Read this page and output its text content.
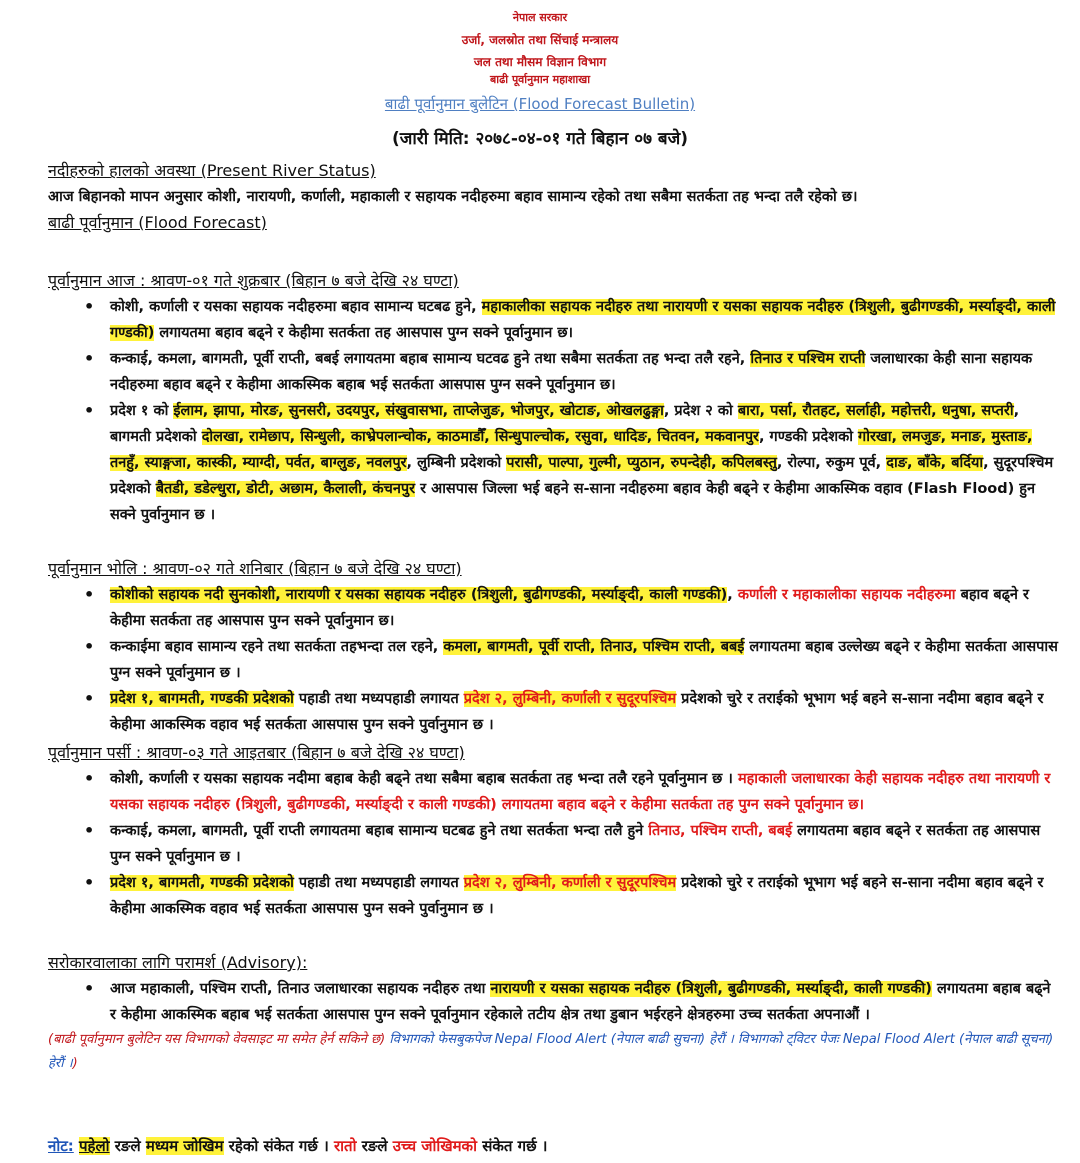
नेपाल सरकार
उर्जा, जलस्रोत तथा सिंचाई मन्त्रालय
जल तथा मौसम विज्ञान विभाग
बाढी पूर्वानुमान महाशाखा
बाढी पूर्वानुमान बुलेटिन (Flood Forecast Bulletin)
(जारी मिति: २०७८-०४-०१ गते बिहान ०७ बजे)
नदीहरुको हालको अवस्था (Present River Status)
आज बिहानको मापन अनुसार कोशी, नारायणी, कर्णाली, महाकाली र सहायक नदीहरुमा बहाव सामान्य रहेको तथा सबैमा सतर्कता तह भन्दा तलै रहेको छ।
बाढी पूर्वानुमान (Flood Forecast)
पूर्वानुमान आज : श्रावण-०१ गते शुक्रबार (बिहान ७ बजे देखि २४ घण्टा)
• कोशी, कर्णाली र यसका सहायक नदीहरुमा बहाव सामान्य घटबढ हुने, महाकालीका सहायक नदीहरु तथा नारायणी र यसका सहायक नदीहरु (त्रिशुली, बुढीगण्डकी, मर्स्याङ्दी, काली गण्डकी) लगायतमा बहाव बढ्ने र केहीमा सतर्कता तह आसपास पुग्न सक्ने पूर्वानुमान छ।
• कन्काई, कमला, बागमती, पूर्वी राप्ती, बबई लगायतमा बहाब सामान्य घटवढ हुने तथा सबैमा सतर्कता तह भन्दा तलै रहने, तिनाउ र पश्चिम राप्ती जलाधारका केही साना सहायक नदीहरुमा बहाव बढ्ने र केहीमा आकस्मिक बहाब भई सतर्कता आसपास पुग्न सक्ने पूर्वानुमान छ।
• प्रदेश १ को ईलाम, झापा, मोरङ, सुनसरी, उदयपुर, संखुवासभा, ताप्लेजुङ, भोजपुर, खोटाङ, ओखलढुङ्गा, प्रदेश २ को बारा, पर्सा, रौतहट, सर्लाही, महोत्तरी, धनुषा, सप्तरी, बागमती प्रदेशको दोलखा, रामेछाप, सिन्धुली, काभ्रेपलान्चोक, काठमाडौँ, सिन्धुपाल्चोक, रसुवा, धादिङ, चितवन, मकवानपुर, गण्डकी प्रदेशको गोरखा, लमजुङ, मनाङ, मुस्ताङ, तनहुँ, स्याङ्गजा, कास्की, म्याग्दी, पर्वत, बाग्लुङ, नवलपुर, लुम्बिनी प्रदेशको परासी, पाल्पा, गुल्मी, प्युठान, रुपन्देही, कपिलबस्तु, रोल्पा, रुकुम पूर्व, दाङ, बाँके, बर्दिया, सुदूरपश्चिम प्रदेशको बैतडी, डडेल्धुरा, डोटी, अछाम, कैलाली, कंचनपुर र आसपास जिल्ला भई बहने स-साना नदीहरुमा बहाव केही बढ्ने र केहीमा आकस्मिक वहाव (Flash Flood) हुन सक्ने पुर्वानुमान छ ।
पूर्वानुमान भोलि : श्रावण-०२ गते शनिबार (बिहान ७ बजे देखि २४ घण्टा)
• कोशीको सहायक नदी सुनकोशी, नारायणी र यसका सहायक नदीहरु (त्रिशुली, बुढीगण्डकी, मर्स्याङ्दी, काली गण्डकी), कर्णाली र महाकालीका सहायक नदीहरुमा बहाव बढ्ने र केहीमा सतर्कता तह आसपास पुग्न सक्ने पूर्वानुमान छ।
• कन्काईमा बहाव सामान्य रहने तथा सतर्कता तहभन्दा तल रहने, कमला, बागमती, पूर्वी राप्ती, तिनाउ, पश्चिम राप्ती, बबई लगायतमा बहाब उल्लेख्य बढ्ने र केहीमा सतर्कता आसपास पुग्न सक्ने पूर्वानुमान छ ।
• प्रदेश १, बागमती, गण्डकी प्रदेशको पहाडी तथा मध्यपहाडी लगायत प्रदेश २, लुम्बिनी, कर्णाली र सुदूरपश्चिम प्रदेशको चुरे र तराईको भूभाग भई बहने स-साना नदीमा बहाव बढ्ने र केहीमा आकस्मिक वहाव भई सतर्कता आसपास पुग्न सक्ने पुर्वानुमान छ ।
पूर्वानुमान पर्सी : श्रावण-०३ गते आइतबार (बिहान ७ बजे देखि २४ घण्टा)
• कोशी, कर्णाली र यसका सहायक नदीमा बहाब केही बढ्ने तथा सबैमा बहाब सतर्कता तह भन्दा तलै रहने पूर्वानुमान छ । महाकाली जलाधारका केही सहायक नदीहरु तथा नारायणी र यसका सहायक नदीहरु (त्रिशुली, बुढीगण्डकी, मर्स्याङ्दी र काली गण्डकी) लगायतमा बहाव बढ्ने र केहीमा सतर्कता तह पुग्न सक्ने पूर्वानुमान छ।
• कन्काई, कमला, बागमती, पूर्वी राप्ती लगायतमा बहाब सामान्य घटबढ हुने तथा सतर्कता भन्दा तलै हुने तिनाउ, पश्चिम राप्ती, बबई लगायतमा बहाव बढ्ने र सतर्कता तह आसपास पुग्न सक्ने पूर्वानुमान छ ।
• प्रदेश १, बागमती, गण्डकी प्रदेशको पहाडी तथा मध्यपहाडी लगायत प्रदेश २, लुम्बिनी, कर्णाली र सुदूरपश्चिम प्रदेशको चुरे र तराईको भूभाग भई बहने स-साना नदीमा बहाव बढ्ने र केहीमा आकस्मिक वहाव भई सतर्कता आसपास पुग्न सक्ने पुर्वानुमान छ ।
सरोकारवालाका लागि परामर्श (Advisory):
• आज महाकाली, पश्चिम राप्ती, तिनाउ जलाधारका सहायक नदीहरु तथा नारायणी र यसका सहायक नदीहरु (त्रिशुली, बुढीगण्डकी, मर्स्याङ्दी, काली गण्डकी) लगायतमा बहाब बढ्ने र केहीमा आकस्मिक बहाब भई सतर्कता आसपास पुग्न सक्ने पूर्वानुमान रहेकाले तटीय क्षेत्र तथा डुबान भईरहने क्षेत्रहरुमा उच्च सतर्कता अपनाऔं ।
(बाढी पूर्वानुमान बुलेटिन यस विभागको वेवसाइट मा समेत हेर्न सकिने छ) विभागको फेसबुकपेज Nepal Flood Alert (नेपाल बाढी सुचना) हेरौं । विभागको ट्विटर पेजः Nepal Flood Alert (नेपाल बाढी सूचना) हेरौं ।)
नोट: पहेलो रङले मध्यम जोखिम रहेको संकेत गर्छ । रातो रङले उच्च जोखिमको संकेत गर्छ ।
